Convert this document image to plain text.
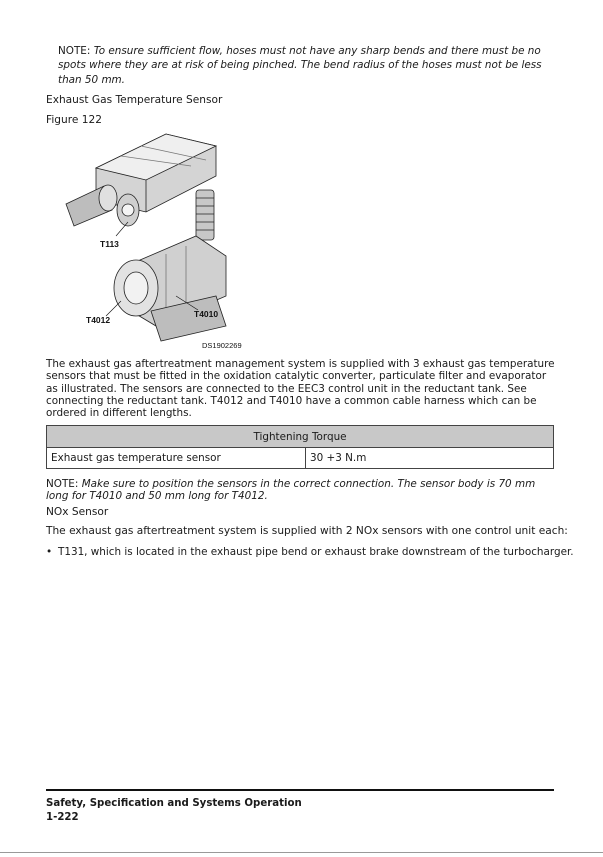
NOTE: To ensure sufficient flow, hoses must not have any sharp bends and there must be no spots where they are at risk of being pinched. The bend radius of the hoses must not be less than 50 mm.
Exhaust Gas Temperature Sensor
Figure 122
T113
T4012
T4010
DS1902269
The exhaust gas aftertreatment management system is supplied with 3 exhaust gas temperature sensors that must be fitted in the oxidation catalytic converter, particulate filter and evaporator as illustrated. The sensors are connected to the EEC3 control unit in the reductant tank. See connecting the reductant tank. T4012 and T4010 have a common cable harness which can be ordered in different lengths.
Tightening Torque
Exhaust gas temperature sensor	30 +3 N.m
NOTE: Make sure to position the sensors in the correct connection. The sensor body is 70 mm long for T4010 and 50 mm long for T4012.
NOx Sensor
The exhaust gas aftertreatment system is supplied with 2 NOx sensors with one control unit each:
• T131, which is located in the exhaust pipe bend or exhaust brake downstream of the turbocharger.
Safety, Specification and Systems Operation
1-222
